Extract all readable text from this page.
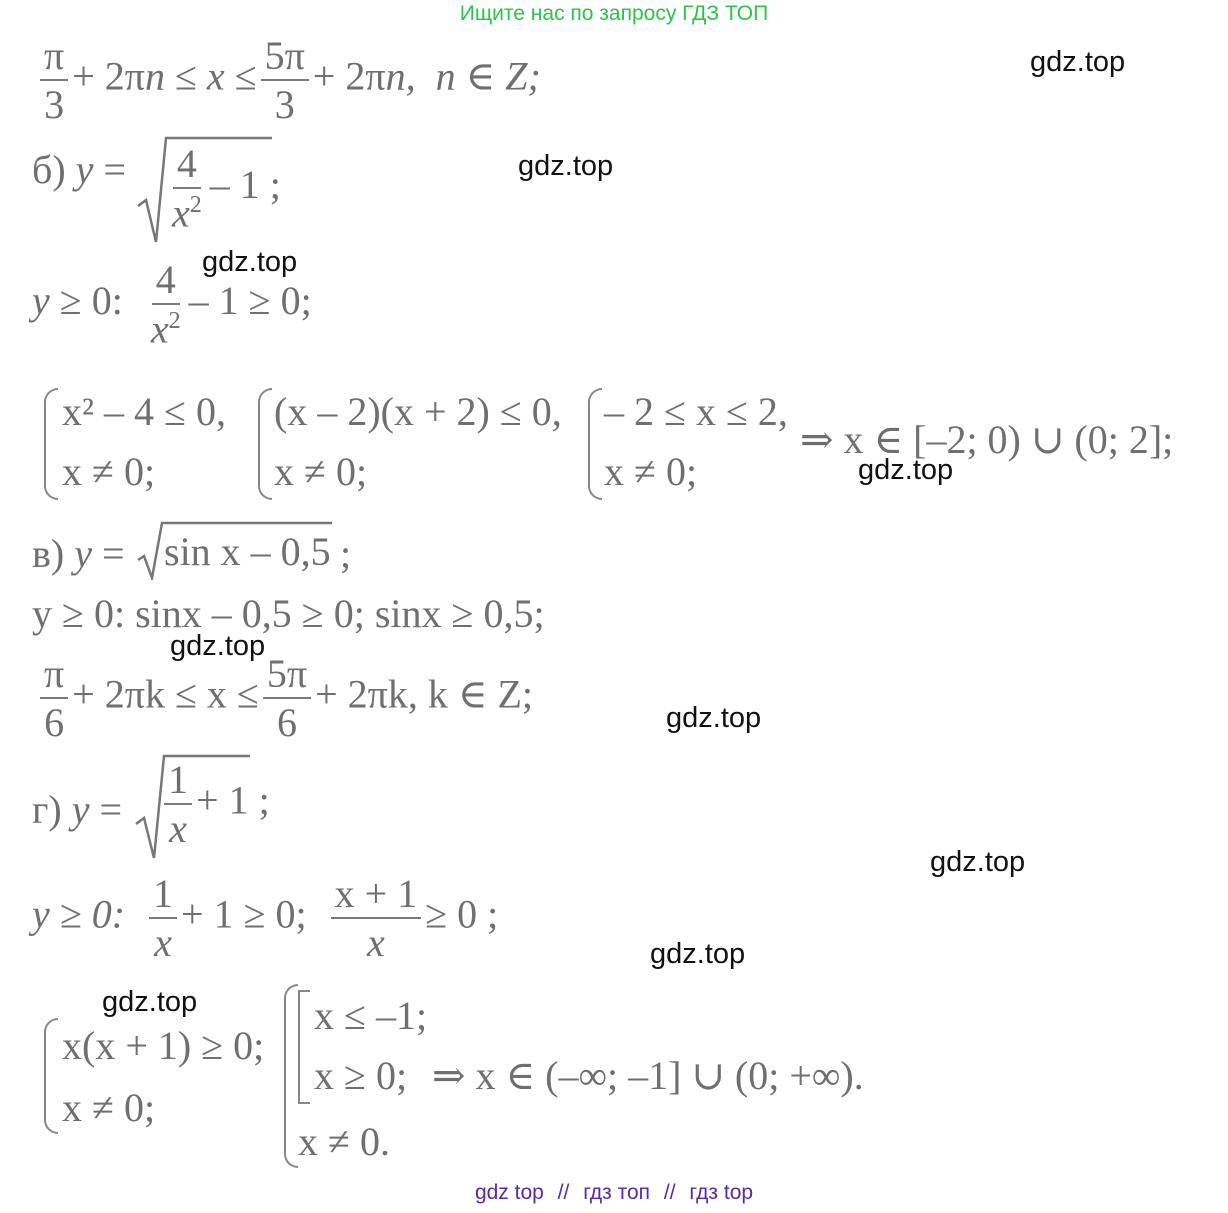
Ищите нас по запросу ГДЗ ТОП
$\frac{\pi}{3} + 2\pi n \le x \le \frac{5\pi}{3} + 2\pi n$, n ∈ Z;
б) $y = \frac{4}{x^2} - 1$ ;
y ≥ 0: $\frac{4}{x^2} - 1 \ge 0$;
x² – 4 ≤ 0,
x ≠ 0;
(x – 2)(x + 2) ≤ 0,
x ≠ 0;
– 2 ≤ x ≤ 2,
x ≠ 0;
⇒ x ∈ [–2; 0) ∪ (0; 2];
в) y = sin x – 0,5 ;
y ≥ 0: sinx – 0,5 ≥ 0; sinx ≥ 0,5;
$\frac{\pi}{6} + 2\pi k \le x \le \frac{5\pi}{6} + 2\pi k$, k ∈ Z;
г) $y = \frac{1}{x} + 1$ ;
y ≥ 0: $\frac{1}{x} + 1 \ge 0$; $\frac{x + 1}{x} \ge 0$ ;
x(x + 1) ≥ 0;
x ≠ 0;
x ≤ –1;
x ≥ 0;
x ≠ 0.
⇒ x ∈ (–∞; –1] ∪ (0; +∞).
gdz.top
gdz.top
gdz.top
gdz.top
gdz.top
gdz.top
gdz.top
gdz.top
gdz.top
gdz top // гдз топ // гдз top
